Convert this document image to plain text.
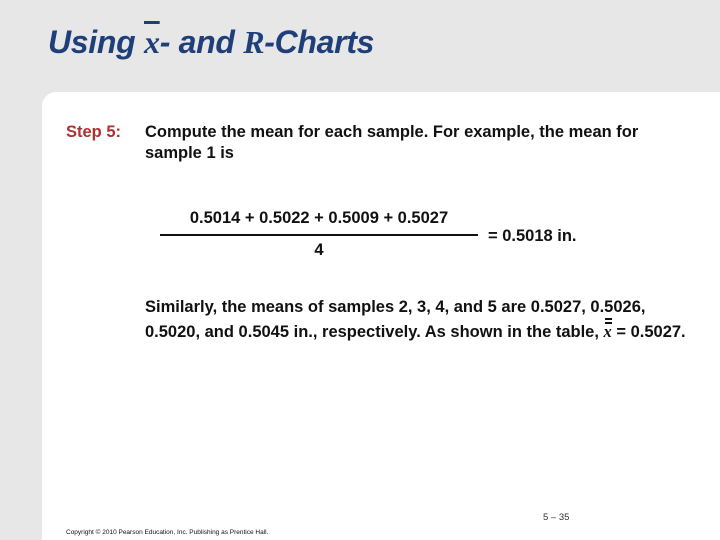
Using $\overline{x}-$ and R-Charts
Step 5: Compute the mean for each sample. For example, the mean for sample 1 is
0.5014 + 0.5022 + 0.5009 + 0.5027
4
= 0.5018 in.
Similarly, the means of samples 2, 3, 4, and 5 are 0.5027, 0.5026, 0.5020, and 0.5045 in., respectively. As shown in the table, x = 0.5027.
5 – 35
Copyright © 2010 Pearson Education, Inc. Publishing as Prentice Hall.
